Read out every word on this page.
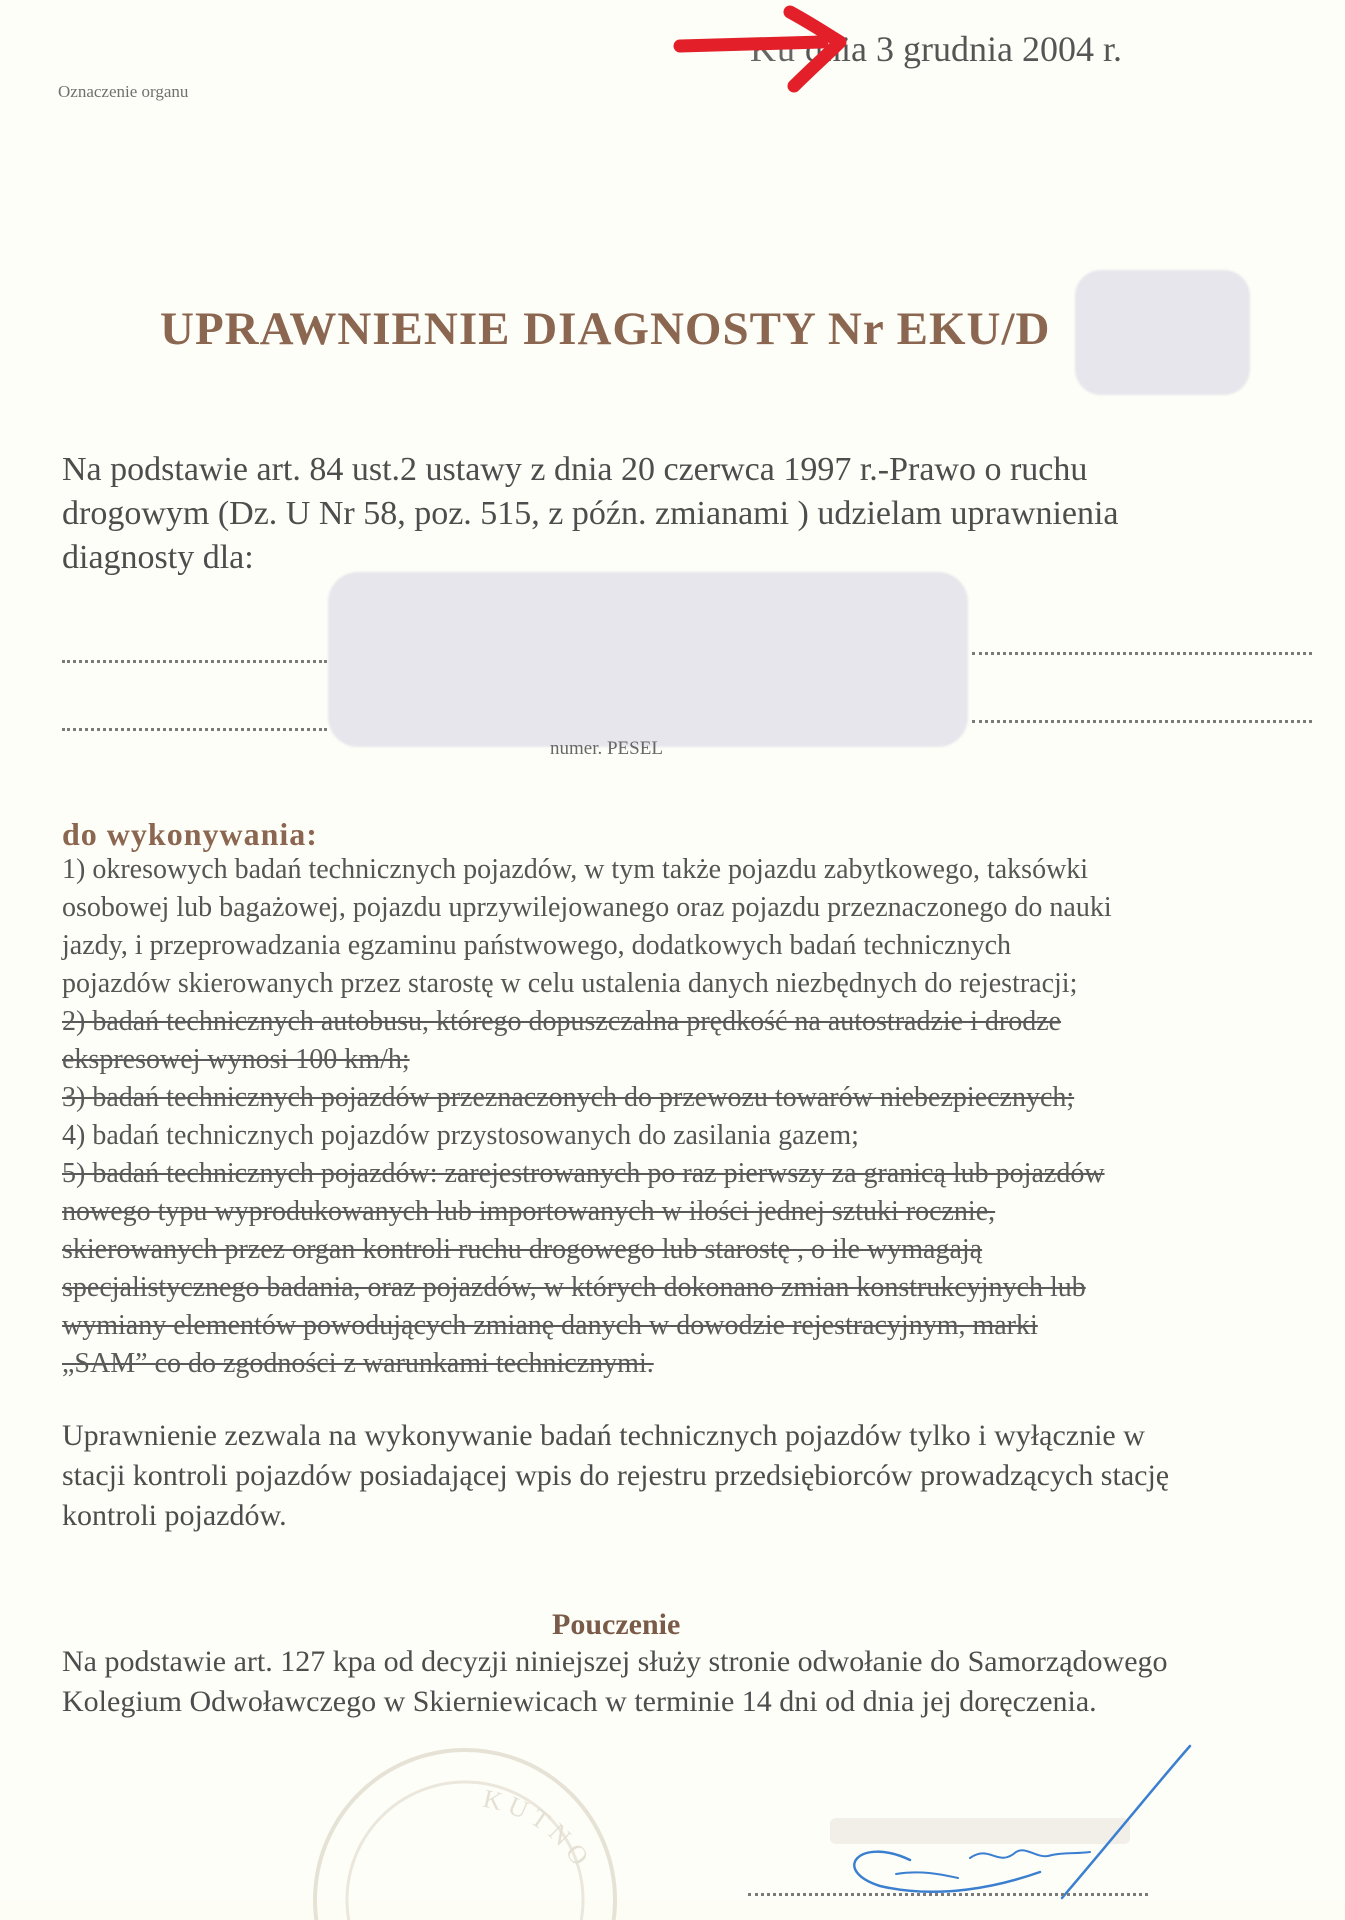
Ku dnia 3 grudnia 2004 r.
Oznaczenie organu
UPRAWNIENIE DIAGNOSTY Nr EKU/D
Na podstawie art. 84 ust.2 ustawy z dnia 20 czerwca 1997 r.-Prawo o ruchu
drogowym (Dz. U Nr 58, poz. 515, z późn. zmianami ) udzielam uprawnienia
diagnosty dla:
numer. PESEL
do wykonywania:
1) okresowych badań technicznych pojazdów, w tym także pojazdu zabytkowego, taksówki
osobowej lub bagażowej, pojazdu uprzywilejowanego oraz pojazdu przeznaczonego do nauki
jazdy, i przeprowadzania egzaminu państwowego, dodatkowych badań technicznych
pojazdów skierowanych przez starostę w celu ustalenia danych niezbędnych do rejestracji;
2) badań technicznych autobusu, którego dopuszczalna prędkość na autostradzie i drodze
ekspresowej wynosi 100 km/h;
3) badań technicznych pojazdów przeznaczonych do przewozu towarów niebezpiecznych;
4) badań technicznych pojazdów przystosowanych do zasilania gazem;
5) badań technicznych pojazdów: zarejestrowanych po raz pierwszy za granicą lub pojazdów
nowego typu wyprodukowanych lub importowanych w ilości jednej sztuki rocznie,
skierowanych przez organ kontroli ruchu drogowego lub starostę , o ile wymagają
specjalistycznego badania, oraz pojazdów, w których dokonano zmian konstrukcyjnych lub
wymiany elementów powodujących zmianę danych w dowodzie rejestracyjnym, marki
„SAM” co do zgodności z warunkami technicznymi.
Uprawnienie zezwala na wykonywanie badań technicznych pojazdów tylko i wyłącznie w
stacji kontroli pojazdów posiadającej wpis do rejestru przedsiębiorców prowadzących stację
kontroli pojazdów.
Pouczenie
Na podstawie art. 127 kpa od decyzji niniejszej służy stronie odwołanie do Samorządowego
Kolegium Odwoławczego w Skierniewicach w terminie 14 dni od dnia jej doręczenia.
KUTNO
